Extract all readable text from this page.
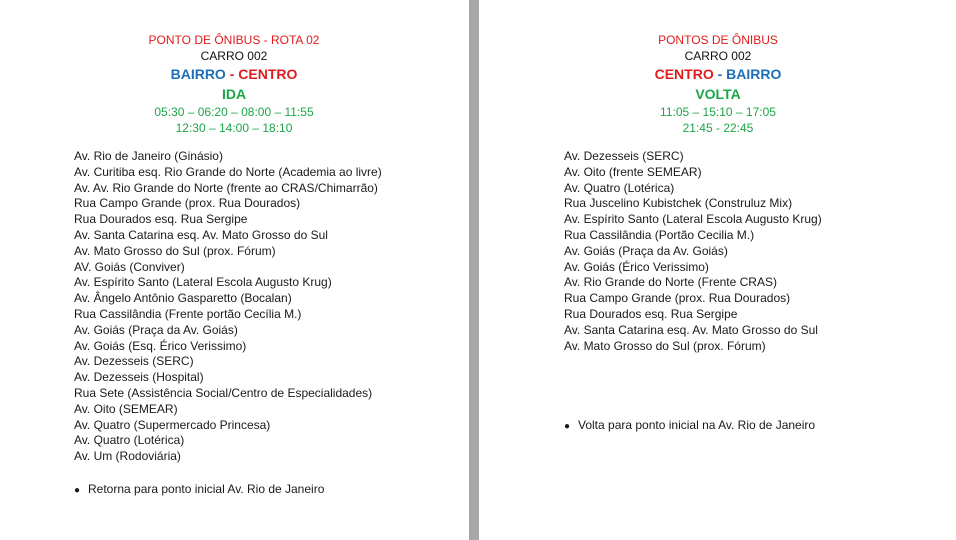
PONTO DE ÔNIBUS - ROTA 02
CARRO 002
BAIRRO - CENTRO
IDA
05:30 – 06:20 – 08:00 – 11:55
12:30 – 14:00 – 18:10
Av. Rio de Janeiro (Ginásio)
Av. Curitiba esq. Rio Grande do Norte (Academia ao livre)
Av. Av. Rio Grande do Norte (frente ao CRAS/Chimarrão)
Rua Campo Grande (prox. Rua Dourados)
Rua Dourados esq. Rua Sergipe
Av. Santa Catarina esq. Av. Mato Grosso do Sul
Av. Mato Grosso do Sul (prox. Fórum)
AV. Goiás (Conviver)
Av. Espírito Santo (Lateral Escola Augusto Krug)
Av. Ângelo Antônio Gasparetto (Bocalan)
Rua Cassilândia (Frente portão Cecília M.)
Av. Goiás (Praça da Av. Goiás)
Av. Goiás (Esq. Érico Verissimo)
Av. Dezesseis (SERC)
Av. Dezesseis (Hospital)
Rua Sete (Assistência Social/Centro de Especialidades)
Av. Oito (SEMEAR)
Av. Quatro (Supermercado Princesa)
Av. Quatro (Lotérica)
Av. Um (Rodoviária)
● Retorna para ponto inicial Av. Rio de Janeiro
PONTOS DE ÔNIBUS
CARRO 002
CENTRO - BAIRRO
VOLTA
11:05 – 15:10 – 17:05
21:45 - 22:45
Av. Dezesseis (SERC)
Av. Oito (frente SEMEAR)
Av. Quatro (Lotérica)
Rua Juscelino Kubistchek (Construluz Mix)
Av. Espírito Santo (Lateral Escola Augusto Krug)
Rua Cassilândia (Portão Cecilia M.)
Av. Goiás (Praça da Av. Goiás)
Av. Goiás (Érico Verissimo)
Av. Rio Grande do Norte (Frente CRAS)
Rua Campo Grande (prox. Rua Dourados)
Rua Dourados esq. Rua Sergipe
Av. Santa Catarina esq. Av. Mato Grosso do Sul
Av. Mato Grosso do Sul (prox. Fórum)
● Volta para ponto inicial na Av. Rio de Janeiro
